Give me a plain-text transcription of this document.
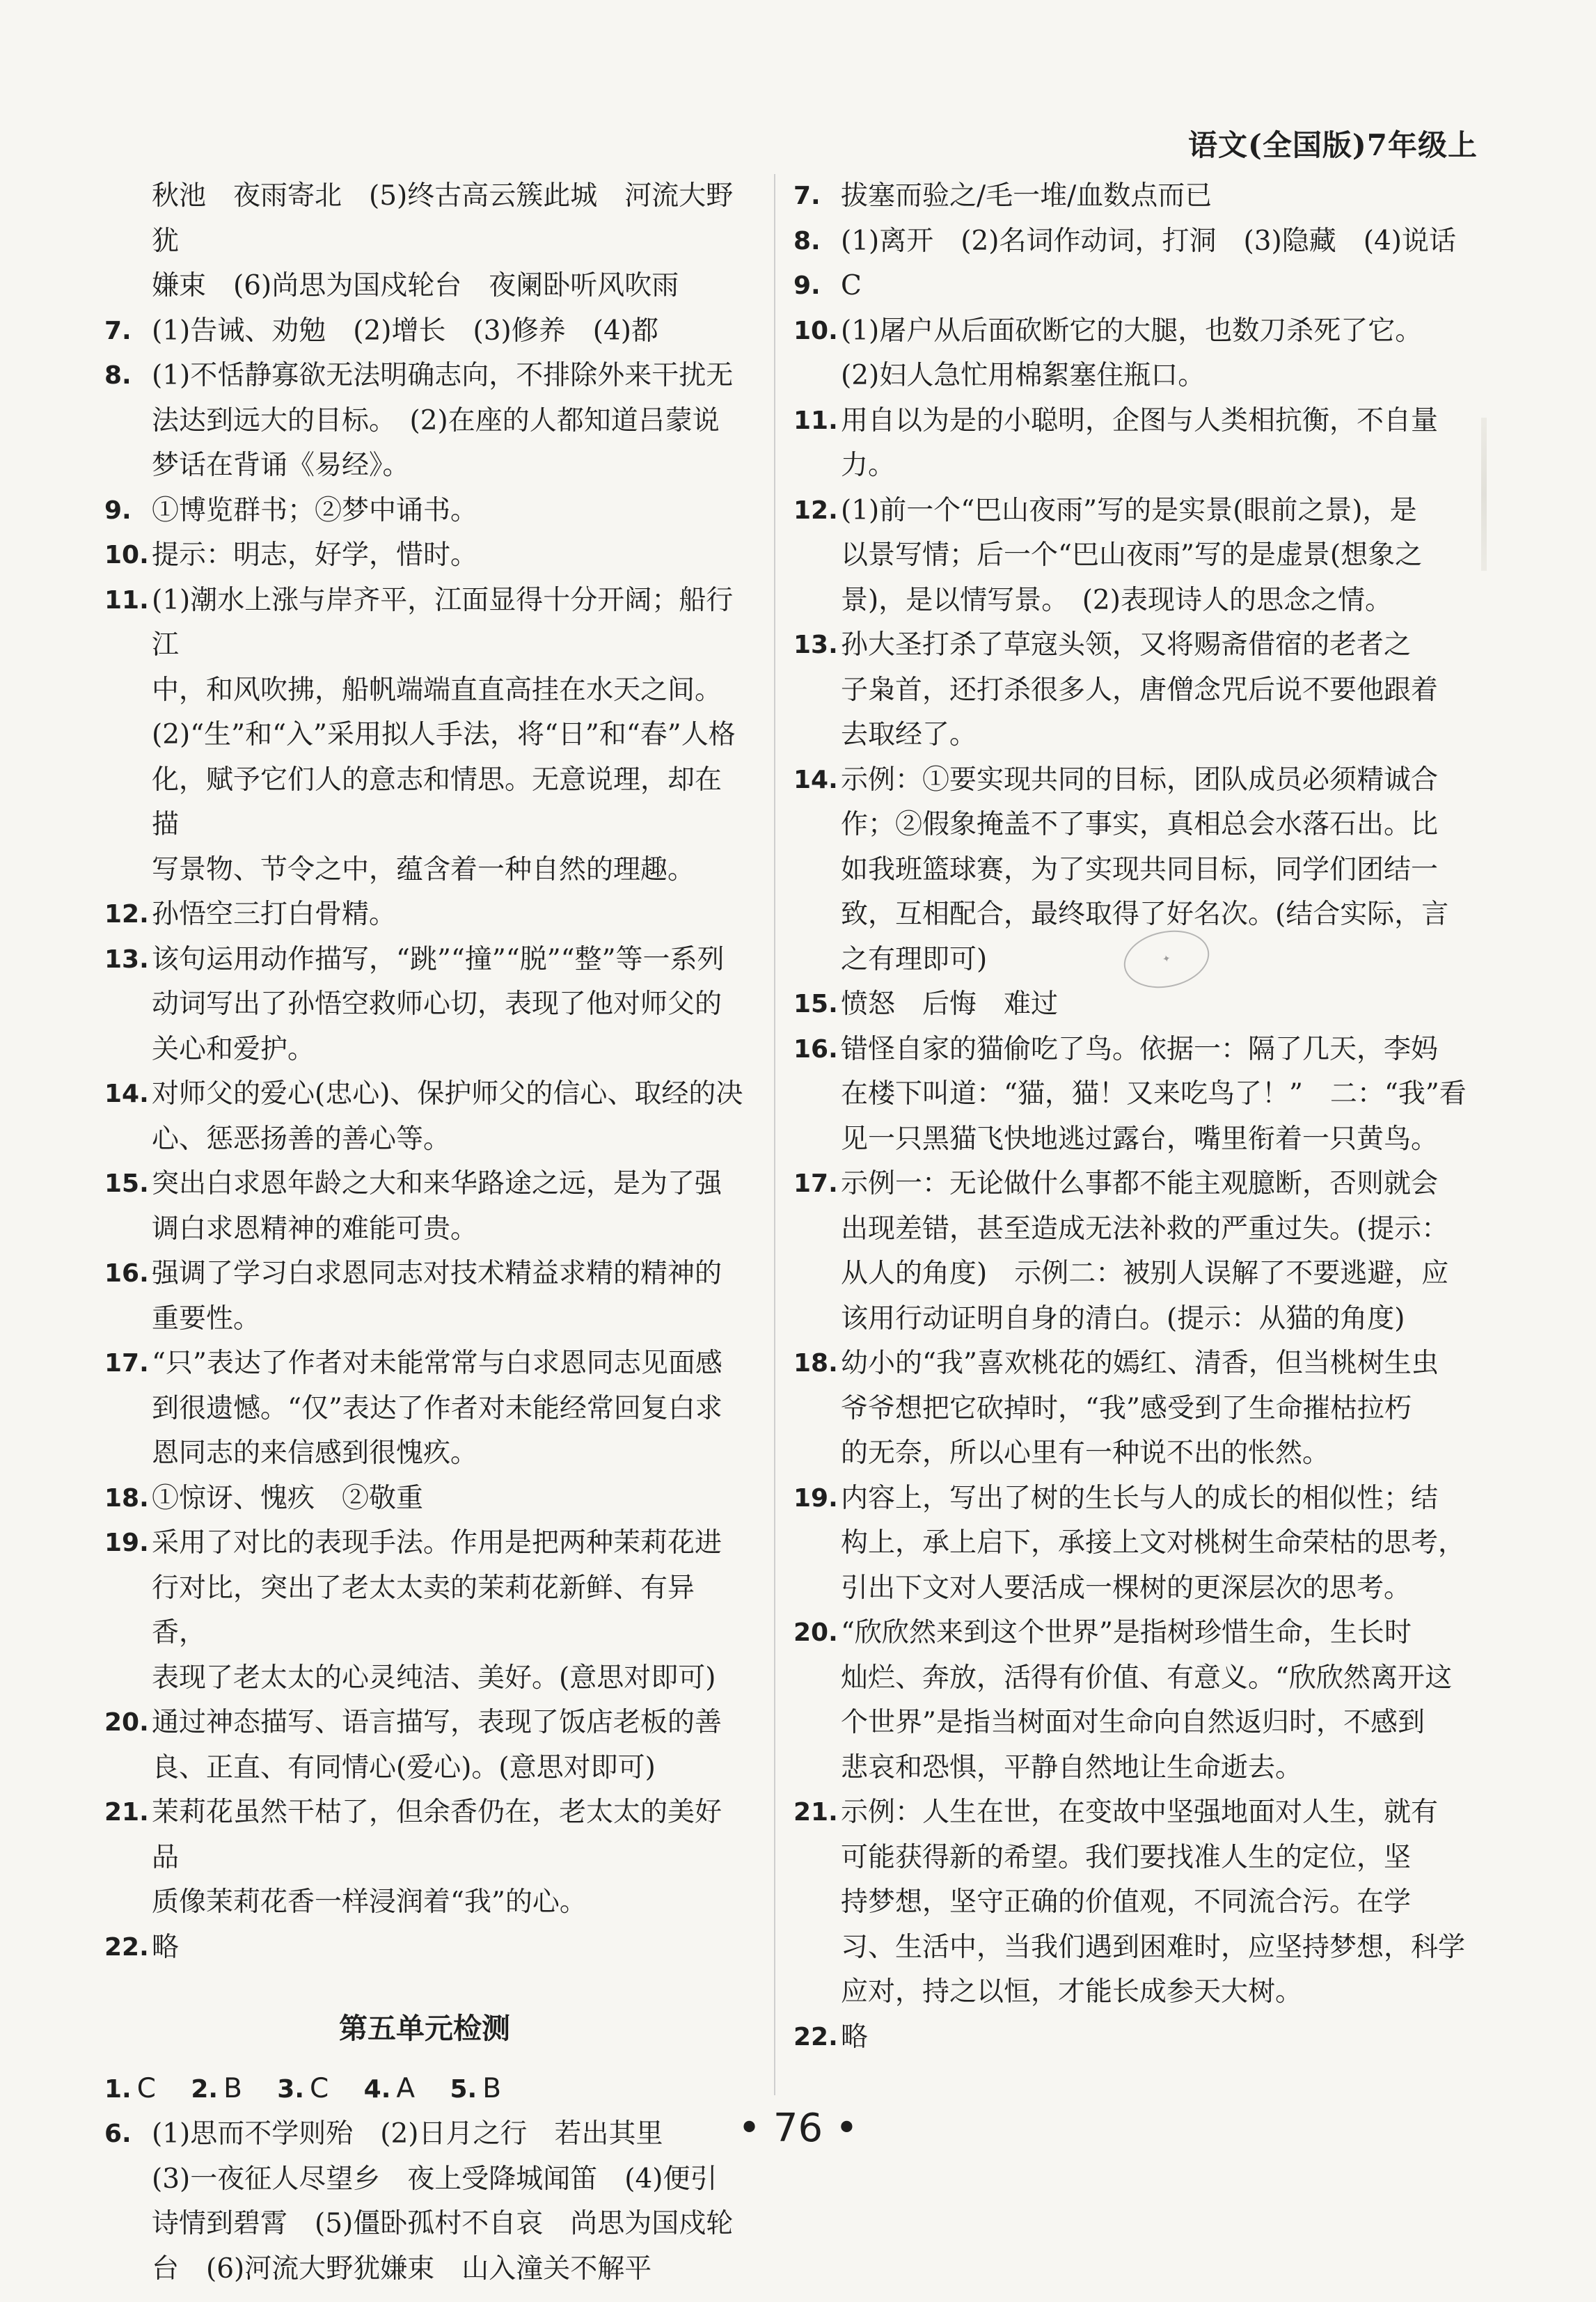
语文(全国版)7年级上

秋池　夜雨寄北　(5)终古高云簇此城　河流大野犹
嫌束　(6)尚思为国戍轮台　夜阑卧听风吹雨

7. (1)告诫、劝勉　(2)增长　(3)修养　(4)都
8. (1)不恬静寡欲无法明确志向，不排除外来干扰无
法达到远大的目标。　(2)在座的人都知道吕蒙说
梦话在背诵《易经》。
9. ①博览群书；②梦中诵书。
10. 提示：明志，好学，惜时。
11. (1)潮水上涨与岸齐平，江面显得十分开阔；船行江
中，和风吹拂，船帆端端直直高挂在水天之间。
(2)“生”和“入”采用拟人手法，将“日”和“春”人格
化，赋予它们人的意志和情思。无意说理，却在描
写景物、节令之中，蕴含着一种自然的理趣。
12. 孙悟空三打白骨精。
13. 该句运用动作描写，“跳”“撞”“脱”“整”等一系列
动词写出了孙悟空救师心切，表现了他对师父的
关心和爱护。
14. 对师父的爱心(忠心)、保护师父的信心、取经的决
心、惩恶扬善的善心等。
15. 突出白求恩年龄之大和来华路途之远，是为了强
调白求恩精神的难能可贵。
16. 强调了学习白求恩同志对技术精益求精的精神的
重要性。
17. “只”表达了作者对未能常常与白求恩同志见面感
到很遗憾。“仅”表达了作者对未能经常回复白求
恩同志的来信感到很愧疚。
18. ①惊讶、愧疚　②敬重
19. 采用了对比的表现手法。作用是把两种茉莉花进
行对比，突出了老太太卖的茉莉花新鲜、有异香，
表现了老太太的心灵纯洁、美好。(意思对即可)
20. 通过神态描写、语言描写，表现了饭店老板的善
良、正直、有同情心(爱心)。(意思对即可)
21. 茉莉花虽然干枯了，但余香仍在，老太太的美好品
质像茉莉花香一样浸润着“我”的心。
22. 略
第五单元检测

1. C 2. B 3. C 4. A 5. B

6. (1)思而不学则殆　(2)日月之行　若出其里
(3)一夜征人尽望乡　夜上受降城闻笛　(4)便引
诗情到碧霄　(5)僵卧孤村不自哀　尚思为国戍轮
台　(6)河流大野犹嫌束　山入潼关不解平
7. 拔塞而验之/毛一堆/血数点而已
8. (1)离开　(2)名词作动词，打洞　(3)隐藏　(4)说话
9. C
10. (1)屠户从后面砍断它的大腿，也数刀杀死了它。
(2)妇人急忙用棉絮塞住瓶口。
11. 用自以为是的小聪明，企图与人类相抗衡，不自量力。
12. (1)前一个“巴山夜雨”写的是实景(眼前之景)，是
以景写情；后一个“巴山夜雨”写的是虚景(想象之
景)，是以情写景。　(2)表现诗人的思念之情。
13. 孙大圣打杀了草寇头领，又将赐斋借宿的老者之
子枭首，还打杀很多人，唐僧念咒后说不要他跟着
去取经了。
14. 示例：①要实现共同的目标，团队成员必须精诚合
作；②假象掩盖不了事实，真相总会水落石出。比
如我班篮球赛，为了实现共同目标，同学们团结一
致，互相配合，最终取得了好名次。(结合实际，言
之有理即可)
15. 愤怒　后悔　难过
16. 错怪自家的猫偷吃了鸟。依据一：隔了几天，李妈
在楼下叫道：“猫，猫！又来吃鸟了！”　二：“我”看
见一只黑猫飞快地逃过露台，嘴里衔着一只黄鸟。
17. 示例一：无论做什么事都不能主观臆断，否则就会
出现差错，甚至造成无法补救的严重过失。(提示：
从人的角度)　示例二：被别人误解了不要逃避，应
该用行动证明自身的清白。(提示：从猫的角度)
18. 幼小的“我”喜欢桃花的嫣红、清香，但当桃树生虫
爷爷想把它砍掉时，“我”感受到了生命摧枯拉朽
的无奈，所以心里有一种说不出的怅然。
19. 内容上，写出了树的生长与人的成长的相似性；结
构上，承上启下，承接上文对桃树生命荣枯的思考，
引出下文对人要活成一棵树的更深层次的思考。
20. “欣欣然来到这个世界”是指树珍惜生命，生长时
灿烂、奔放，活得有价值、有意义。“欣欣然离开这
个世界”是指当树面对生命向自然返归时，不感到
悲哀和恐惧，平静自然地让生命逝去。
21. 示例：人生在世，在变故中坚强地面对人生，就有
可能获得新的希望。我们要找准人生的定位，坚
持梦想，坚守正确的价值观，不同流合污。在学
习、生活中，当我们遇到困难时，应坚持梦想，科学
应对，持之以恒，才能长成参天大树。
22. 略
✦
• 76 •
